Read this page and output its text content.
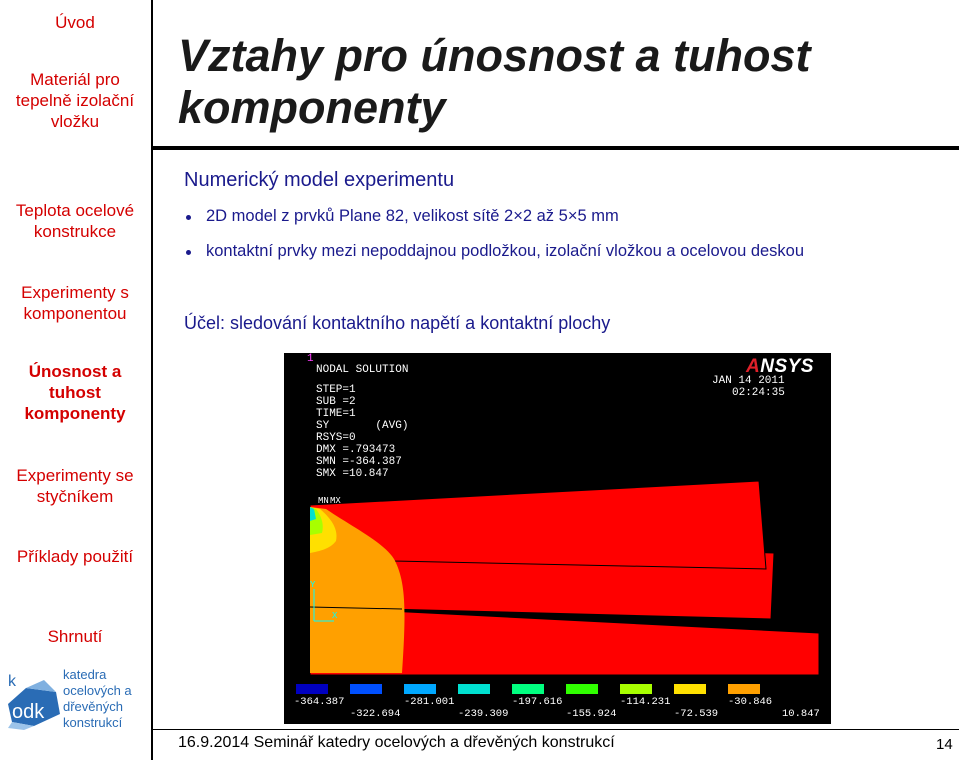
Úvod
Materiál pro tepelně izolační vložku
Teplota ocelové konstrukce
Experimenty s komponentou
Únosnost a tuhost komponenty
Experimenty se styčníkem
Příklady použití
Shrnutí
k
odk
katedra
ocelových a
dřevěných
konstrukcí
Vztahy pro únosnost a tuhost komponenty
Numerický model experimentu
2D model z prvků Plane 82, velikost sítě 2×2 až 5×5 mm
kontaktní prvky mezi nepoddajnou podložkou, izolační vložkou a ocelovou deskou
Účel: sledování kontaktního napětí a kontaktní plochy
1
NODAL SOLUTION
STEP=1
SUB =2
TIME=1
SY       (AVG)
RSYS=0
DMX =.793473
SMN =-364.387
SMX =10.847
ANSYS
JAN 14 2011
02:24:35
MN MX
Y
X
-364.387	-281.001	-197.616	-114.231	-30.846
-322.694	-239.309	-155.924	-72.539	10.847
16.9.2014 Seminář katedry ocelových a dřevěných konstrukcí	14
